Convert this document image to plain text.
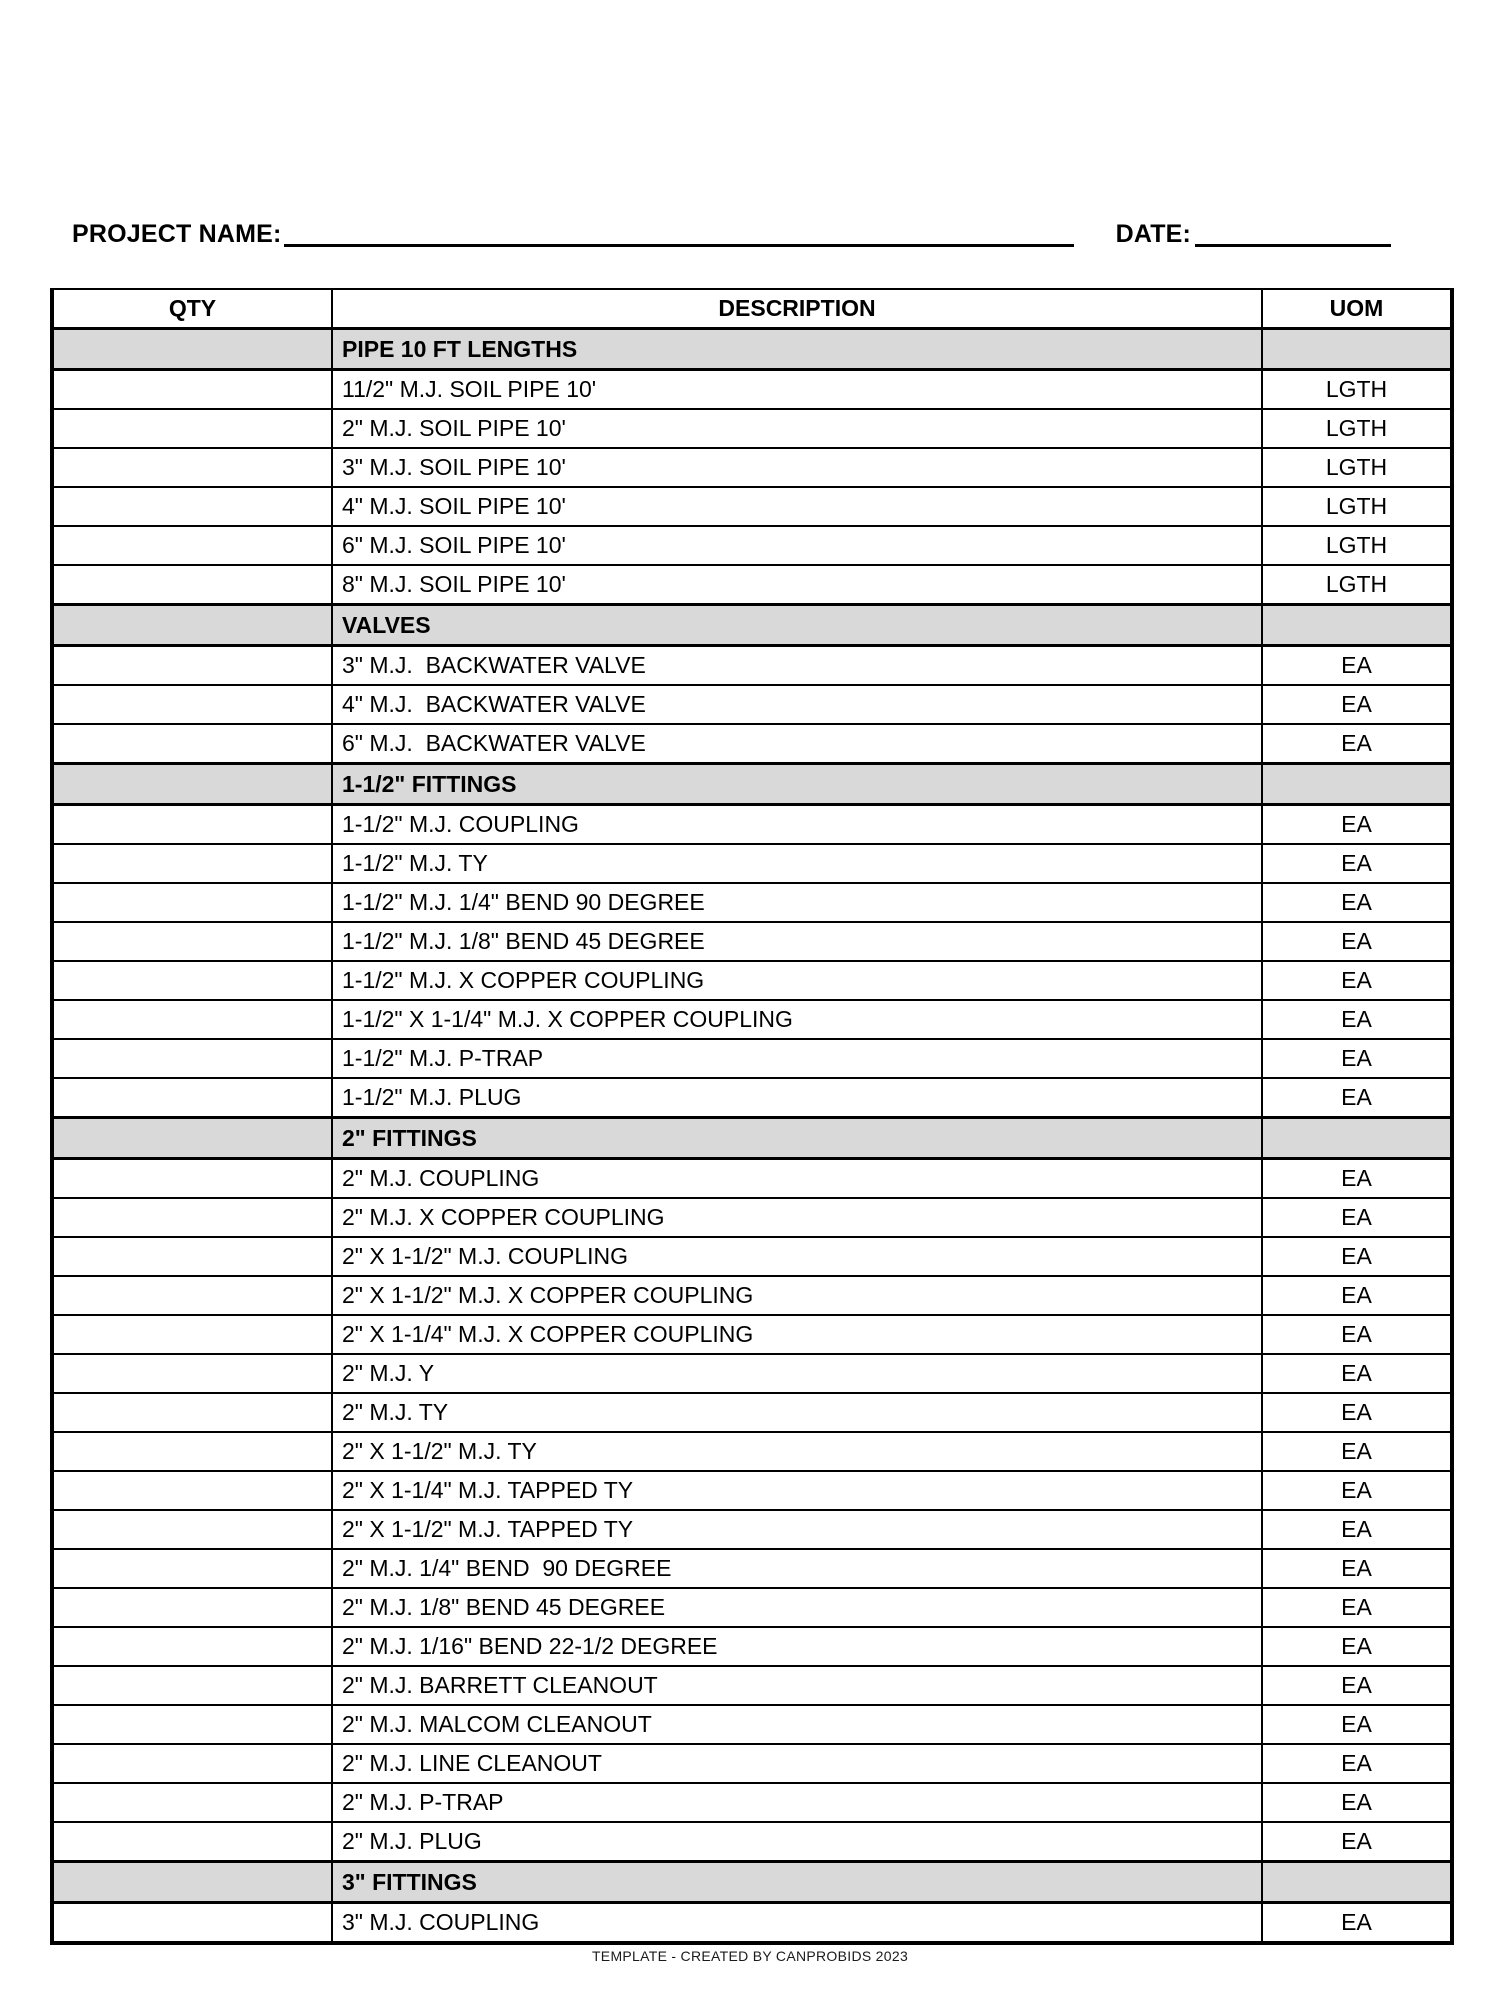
PROJECT NAME:	DATE:
QTY	DESCRIPTION	UOM
	PIPE 10 FT LENGTHS	
	11/2" M.J. SOIL PIPE 10'	LGTH
	2" M.J. SOIL PIPE 10'	LGTH
	3" M.J. SOIL PIPE 10'	LGTH
	4" M.J. SOIL PIPE 10'	LGTH
	6" M.J. SOIL PIPE 10'	LGTH
	8" M.J. SOIL PIPE 10'	LGTH
	VALVES	
	3" M.J.  BACKWATER VALVE	EA
	4" M.J.  BACKWATER VALVE	EA
	6" M.J.  BACKWATER VALVE	EA
	1-1/2" FITTINGS	
	1-1/2" M.J. COUPLING	EA
	1-1/2" M.J. TY	EA
	1-1/2" M.J. 1/4" BEND 90 DEGREE	EA
	1-1/2" M.J. 1/8" BEND 45 DEGREE	EA
	1-1/2" M.J. X COPPER COUPLING	EA
	1-1/2" X 1-1/4" M.J. X COPPER COUPLING	EA
	1-1/2" M.J. P-TRAP	EA
	1-1/2" M.J. PLUG	EA
	2" FITTINGS	
	2" M.J. COUPLING	EA
	2" M.J. X COPPER COUPLING	EA
	2" X 1-1/2" M.J. COUPLING	EA
	2" X 1-1/2" M.J. X COPPER COUPLING	EA
	2" X 1-1/4" M.J. X COPPER COUPLING	EA
	2" M.J. Y	EA
	2" M.J. TY	EA
	2" X 1-1/2" M.J. TY	EA
	2" X 1-1/4" M.J. TAPPED TY	EA
	2" X 1-1/2" M.J. TAPPED TY	EA
	2" M.J. 1/4" BEND  90 DEGREE	EA
	2" M.J. 1/8" BEND 45 DEGREE	EA
	2" M.J. 1/16" BEND 22-1/2 DEGREE	EA
	2" M.J. BARRETT CLEANOUT	EA
	2" M.J. MALCOM CLEANOUT	EA
	2" M.J. LINE CLEANOUT	EA
	2" M.J. P-TRAP	EA
	2" M.J. PLUG	EA
	3" FITTINGS	
	3" M.J. COUPLING	EA
TEMPLATE - CREATED BY CANPROBIDS 2023
